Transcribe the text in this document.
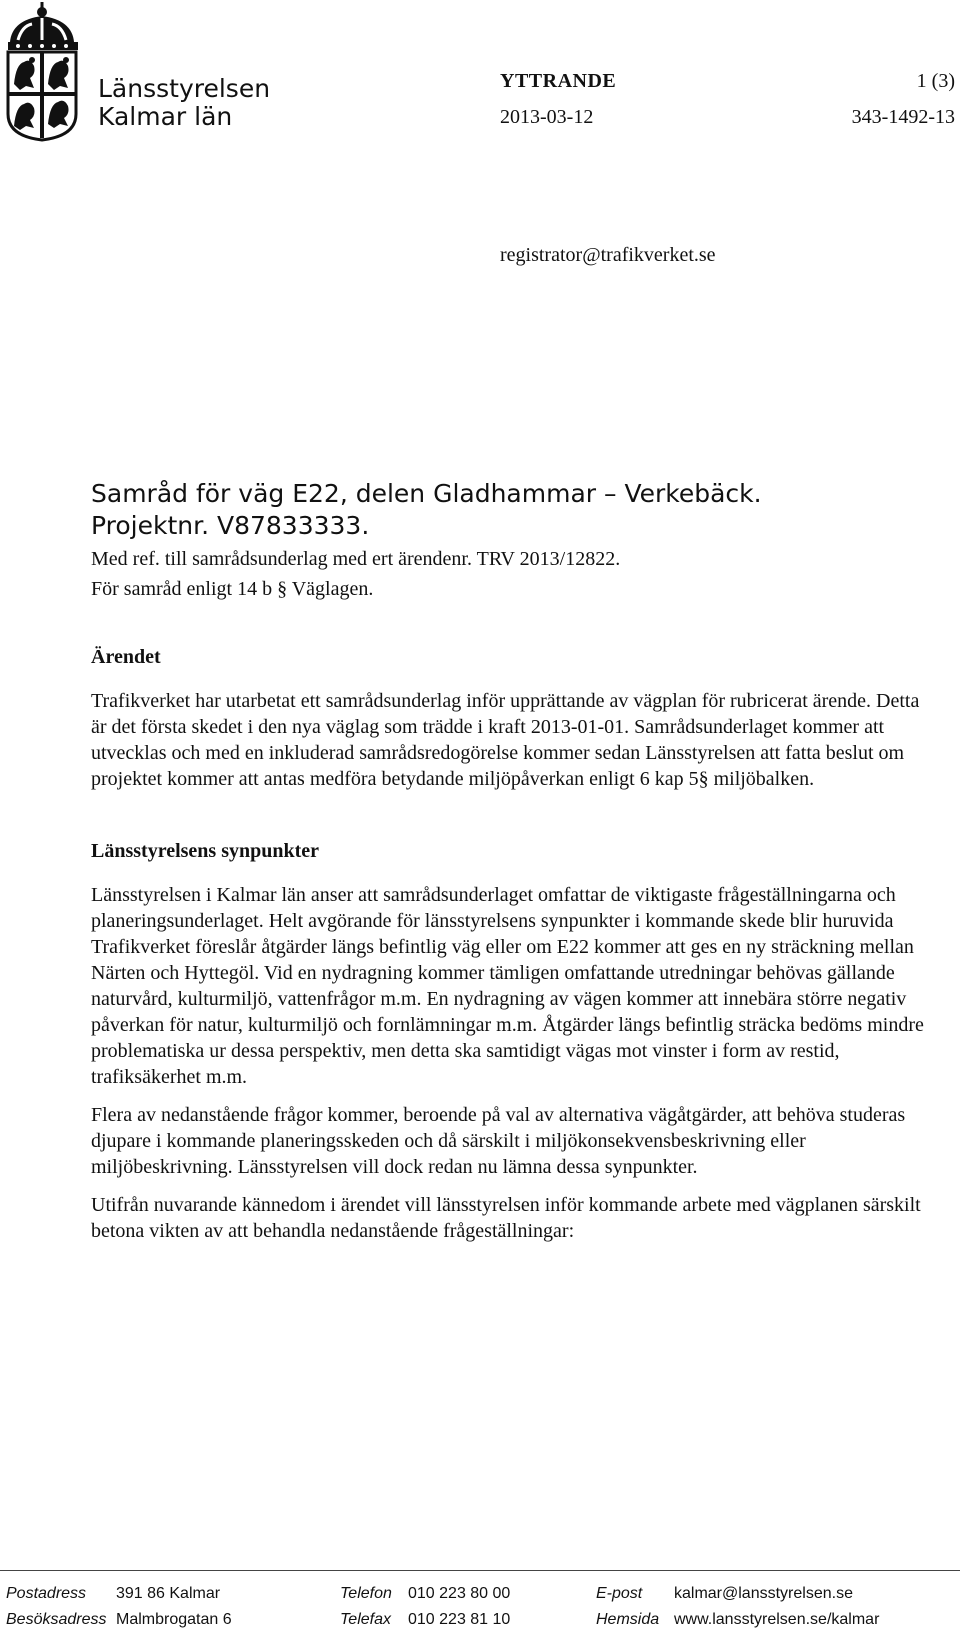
Länsstyrelsen
Kalmar län
YTTRANDE	1 (3)
2013-03-12	343-1492-13
registrator@trafikverket.se
Samråd för väg E22, delen Gladhammar – Verkebäck.
Projektnr. V87833333.
Med ref. till samrådsunderlag med ert ärendenr. TRV 2013/12822.
För samråd enligt 14 b § Väglagen.
Ärendet

Trafikverket har utarbetat ett samrådsunderlag inför upprättande av vägplan för rubricerat ärende. Detta är det första skedet i den nya väglag som trädde i kraft 2013-01-01. Samrådsunderlaget kommer att utvecklas och med en inkluderad samrådsredogörelse kommer sedan Länsstyrelsen att fatta beslut om projektet kommer att antas medföra betydande miljöpåverkan enligt 6 kap 5§ miljöbalken.

Länsstyrelsens synpunkter

Länsstyrelsen i Kalmar län anser att samrådsunderlaget omfattar de viktigaste frågeställningarna och planeringsunderlaget. Helt avgörande för länsstyrelsens synpunkter i kommande skede blir huruvida Trafikverket föreslår åtgärder längs befintlig väg eller om E22 kommer att ges en ny sträckning mellan Närten och Hyttegöl. Vid en nydragning kommer tämligen omfattande utredningar behövas gällande naturvård, kulturmiljö, vattenfrågor m.m. En nydragning av vägen kommer att innebära större negativ påverkan för natur, kulturmiljö och fornlämningar m.m. Åtgärder längs befintlig sträcka bedöms mindre problematiska ur dessa perspektiv, men detta ska samtidigt vägas mot vinster i form av restid, trafiksäkerhet m.m.

Flera av nedanstående frågor kommer, beroende på val av alternativa vägåtgärder, att behöva studeras djupare i kommande planeringsskeden och då särskilt i miljökonsekvensbeskrivning eller miljöbeskrivning. Länsstyrelsen vill dock redan nu lämna dessa synpunkter.

Utifrån nuvarande kännedom i ärendet vill länsstyrelsen inför kommande arbete med vägplanen särskilt betona vikten av att behandla nedanstående frågeställningar:

Postadress 391 86 Kalmar	Telefon 010 223 80 00	E-post kalmar@lansstyrelsen.se
Besöksadress Malmbrogatan 6	Telefax 010 223 81 10	Hemsida www.lansstyrelsen.se/kalmar
